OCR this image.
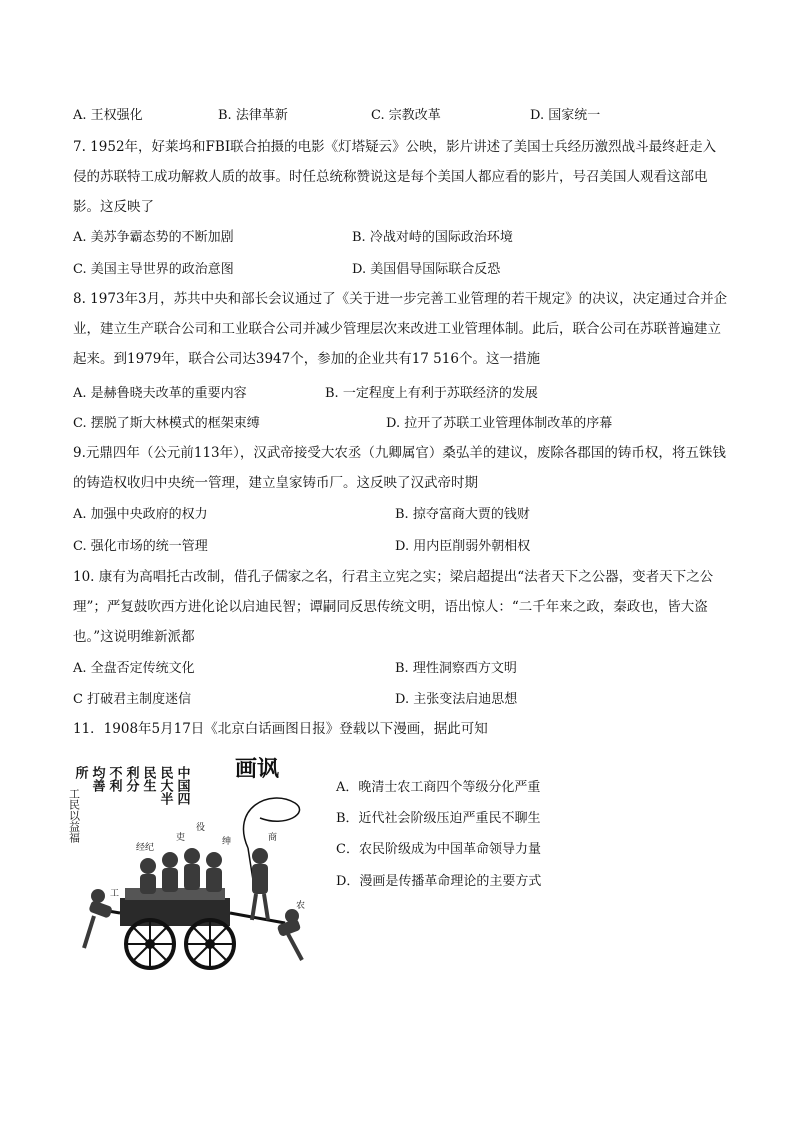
A. 王权强化	B. 法律革新	C. 宗教改革	D. 国家统一
7. 1952年，好莱坞和FBI联合拍摄的电影《灯塔疑云》公映，影片讲述了美国士兵经历激烈战斗最终赶走入侵的苏联特工成功解救人质的故事。时任总统称赞说这是每个美国人都应看的影片，号召美国人观看这部电影。这反映了
A. 美苏争霸态势的不断加剧	B. 冷战对峙的国际政治环境
C. 美国主导世界的政治意图	D. 美国倡导国际联合反恐
8. 1973年3月，苏共中央和部长会议通过了《关于进一步完善工业管理的若干规定》的决议，决定通过合并企业，建立生产联合公司和工业联合公司并减少管理层次来改进工业管理体制。此后，联合公司在苏联普遍建立起来。到1979年，联合公司达3947个，参加的企业共有17 516个。这一措施
A. 是赫鲁晓夫改革的重要内容	B. 一定程度上有利于苏联经济的发展
C. 摆脱了斯大林模式的框架束缚	D. 拉开了苏联工业管理体制改革的序幕
9.元鼎四年（公元前113年），汉武帝接受大农丞（九卿属官）桑弘羊的建议，废除各郡国的铸币权，将五铢钱的铸造权收归中央统一管理，建立皇家铸币厂。这反映了汉武帝时期
A. 加强中央政府的权力	B. 掠夺富商大贾的钱财
C. 强化市场的统一管理	D. 用内臣削弱外朝相权
10. 康有为高唱托古改制，借孔子儒家之名，行君主立宪之实；梁启超提出“法者天下之公器，变者天下之公理”；严复鼓吹西方进化论以启迪民智；谭嗣同反思传统文明，语出惊人：“二千年来之政，秦政也，皆大盗也。”这说明维新派都
A. 全盘否定传统文化	B. 理性洞察西方文明
C 打破君主制度迷信	D. 主张变法启迪思想
11．1908年5月17日《北京白话画图日报》登载以下漫画，据此可知
中国四
民大半
民生
利分
不利
均善
所	画讽
工民以益福
经纪
吏
役
绅	商
工
农
A．晚清士农工商四个等级分化严重
B．近代社会阶级压迫严重民不聊生
C．农民阶级成为中国革命领导力量
D．漫画是传播革命理论的主要方式
